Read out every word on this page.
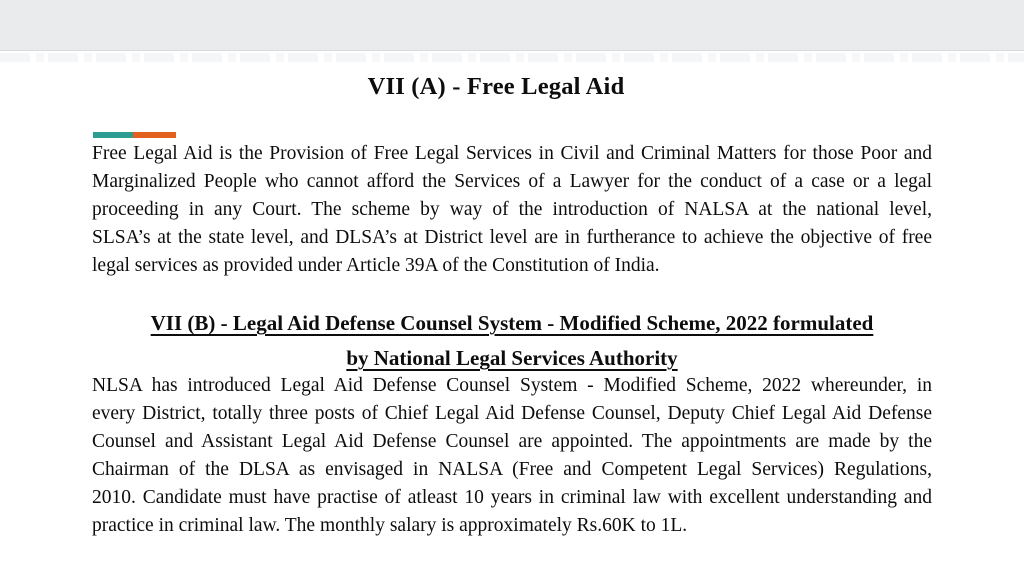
VII (A) - Free Legal Aid
Free Legal Aid is the Provision of Free Legal Services in Civil and Criminal Matters for those Poor and
Marginalized People who cannot afford the Services of a Lawyer for the conduct of a case or a legal
proceeding in any Court. The scheme by way of the introduction of NALSA at the national level,
SLSA’s at the state level, and DLSA’s at District level are in furtherance to achieve the objective of free
legal services as provided under Article 39A of the Constitution of India.
VII (B) - Legal Aid Defense Counsel System - Modified Scheme, 2022 formulated
by National Legal Services Authority
NLSA has introduced Legal Aid Defense Counsel System - Modified Scheme, 2022 whereunder, in
every District, totally three posts of Chief Legal Aid Defense Counsel, Deputy Chief Legal Aid Defense
Counsel and Assistant Legal Aid Defense Counsel are appointed. The appointments are made by the
Chairman of the DLSA as envisaged in NALSA (Free and Competent Legal Services) Regulations,
2010. Candidate must have practise of atleast 10 years in criminal law with excellent understanding and
practice in criminal law. The monthly salary is approximately Rs.60K to 1L.
